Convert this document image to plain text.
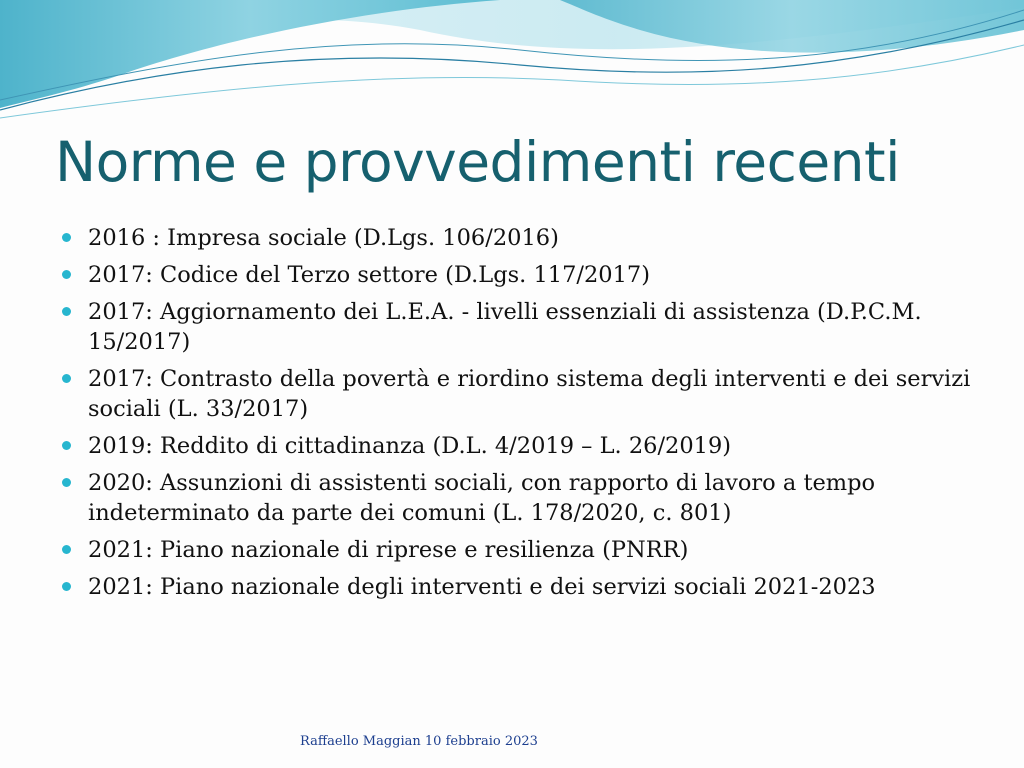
Norme e provvedimenti recenti
2016 : Impresa sociale (D.Lgs. 106/2016)
2017: Codice del Terzo settore (D.Lgs. 117/2017)
2017: Aggiornamento dei L.E.A. - livelli essenziali di assistenza (D.P.C.M. 15/2017)
2017: Contrasto della povertà e riordino sistema degli interventi e dei servizi sociali (L. 33/2017)
2019: Reddito di cittadinanza (D.L. 4/2019 – L. 26/2019)
2020: Assunzioni di assistenti sociali, con rapporto di lavoro a tempo indeterminato da parte dei comuni (L. 178/2020, c. 801)
2021: Piano nazionale di riprese e resilienza (PNRR)
2021: Piano nazionale degli interventi e dei servizi sociali 2021-2023
Raffaello Maggian 10 febbraio 2023
